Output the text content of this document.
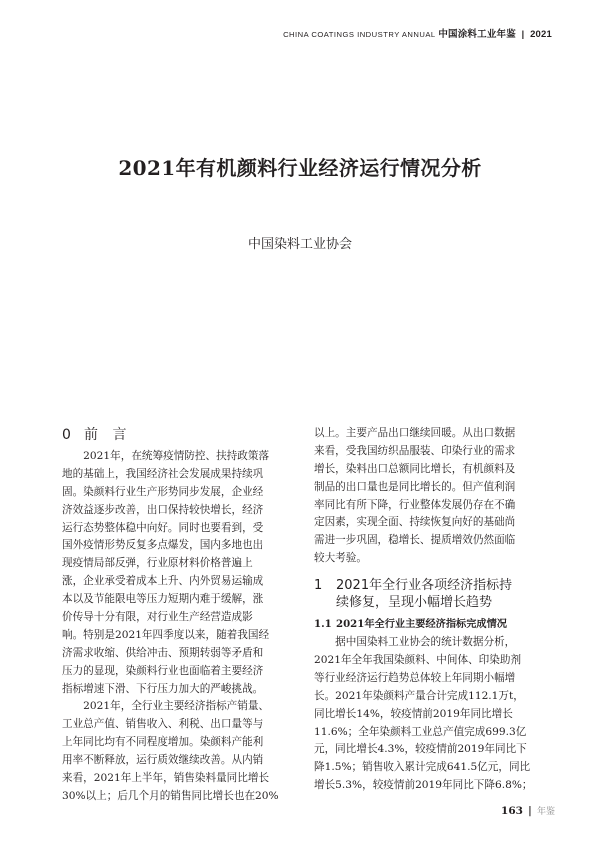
CHINA COATINGS INDUSTRY ANNUAL 中国涂料工业年鉴 | 2021
2021年有机颜料行业经济运行情况分析
中国染料工业协会
0 前 言
　　2021年，在统筹疫情防控、扶持政策落
地的基础上，我国经济社会发展成果持续巩
固。染颜料行业生产形势同步发展，企业经
济效益逐步改善，出口保持较快增长，经济
运行态势整体稳中向好。同时也要看到，受
国外疫情形势反复多点爆发，国内多地也出
现疫情局部反弹，行业原材料价格普遍上
涨，企业承受着成本上升、内外贸易运输成
本以及节能限电等压力短期内难于缓解，涨
价传导十分有限，对行业生产经营造成影
响。特别是2021年四季度以来，随着我国经
济需求收缩、供给冲击、预期转弱等矛盾和
压力的显现，染颜料行业也面临着主要经济
指标增速下滑、下行压力加大的严峻挑战。
　　2021年，全行业主要经济指标产销量、
工业总产值、销售收入、利税、出口量等与
上年同比均有不同程度增加。染颜料产能利
用率不断释放，运行质效继续改善。从内销
来看，2021年上半年，销售染料量同比增长
30%以上；后几个月的销售同比增长也在20%
以上。主要产品出口继续回暖。从出口数据
来看，受我国纺织品服装、印染行业的需求
增长，染料出口总额同比增长，有机颜料及
制品的出口量也是同比增长的。但产值利润
率同比有所下降，行业整体发展仍存在不确
定因素，实现全面、持续恢复向好的基础尚
需进一步巩固，稳增长、提质增效仍然面临
较大考验。
1	2021年全行业各项经济指标持
续修复，呈现小幅增长趋势
1.1 2021年全行业主要经济指标完成情况
　　据中国染料工业协会的统计数据分析，
2021年全年我国染颜料、中间体、印染助剂
等行业经济运行趋势总体较上年同期小幅增
长。2021年染颜料产量合计完成112.1万t，
同比增长14%，较疫情前2019年同比增长
11.6%；全年染颜料工业总产值完成699.3亿
元，同比增长4.3%，较疫情前2019年同比下
降1.5%；销售收入累计完成641.5亿元，同比
增长5.3%，较疫情前2019年同比下降6.8%；
163 | 年鉴
